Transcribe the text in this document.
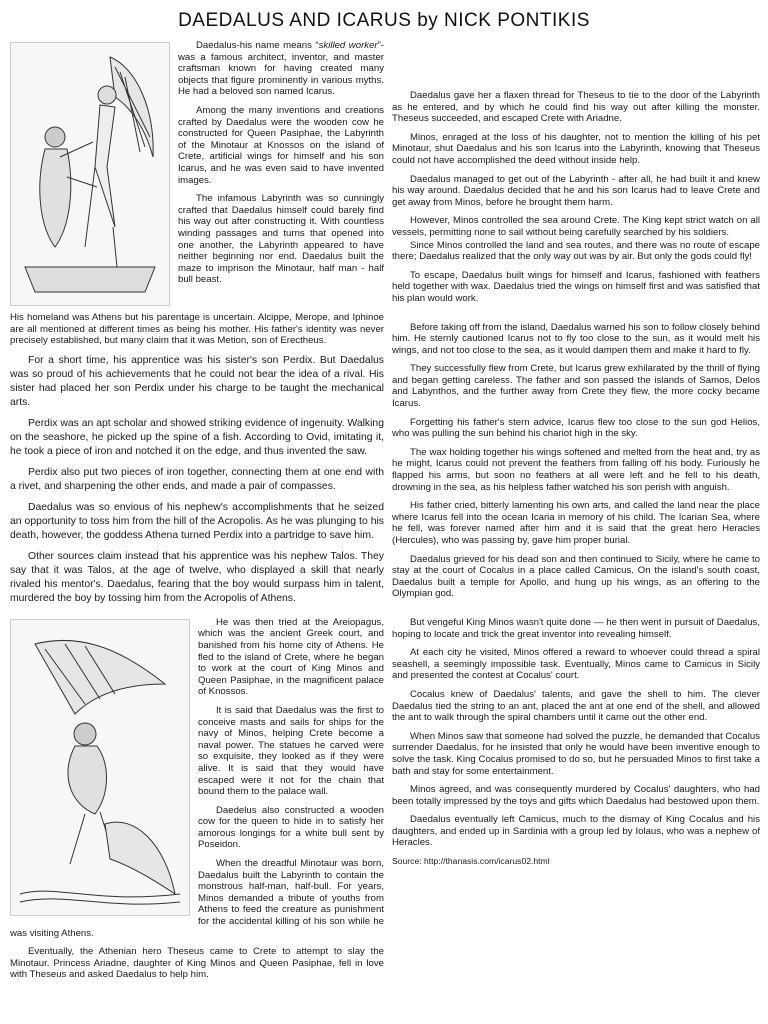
DAEDALUS AND ICARUS by NICK PONTIKIS

Daedalus-his name means “skilled worker”- was a famous architect, inventor, and master craftsman known for having created many objects that figure prominently in various myths. He had a beloved son named Icarus.

Among the many inventions and creations crafted by Daedalus were the wooden cow he constructed for Queen Pasiphae, the Labyrinth of the Minotaur at Knossos on the island of Crete, artificial wings for himself and his son Icarus, and he was even said to have invented images.

The infamous Labyrinth was so cunningly crafted that Daedalus himself could barely find his way out after constructing it. With countless winding passages and turns that opened into one another, the Labyrinth appeared to have neither beginning nor end. Daedalus built the maze to imprison the Minotaur, half man - half bull beast.

His homeland was Athens but his parentage is uncertain. Alcippe, Merope, and Iphinoe are all mentioned at different times as being his mother. His father's identity was never precisely established, but many claim that it was Metion, son of Erectheus.

For a short time, his apprentice was his sister's son Perdix. But Daedalus was so proud of his achievements that he could not bear the idea of a rival. His sister had placed her son Perdix under his charge to be taught the mechanical arts.

Perdix was an apt scholar and showed striking evidence of ingenuity. Walking on the seashore, he picked up the spine of a fish. According to Ovid, imitating it, he took a piece of iron and notched it on the edge, and thus invented the saw.

Perdix also put two pieces of iron together, connecting them at one end with a rivet, and sharpening the other ends, and made a pair of compasses.

Daedalus was so envious of his nephew's accomplishments that he seized an opportunity to toss him from the hill of the Acropolis. As he was plunging to his death, however, the goddess Athena turned Perdix into a partridge to save him.

Other sources claim instead that his apprentice was his nephew Talos. They say that it was Talos, at the age of twelve, who displayed a skill that nearly rivaled his mentor's. Daedalus, fearing that the boy would surpass him in talent, murdered the boy by tossing him from the Acropolis of Athens.

He was then tried at the Areiopagus, which was the ancient Greek court, and banished from his home city of Athens. He fled to the island of Crete, where he began to work at the court of King Minos and Queen Pasiphae, in the magnificent palace of Knossos.

It is said that Daedalus was the first to conceive masts and sails for ships for the navy of Minos, helping Crete become a naval power. The statues he carved were so exquisite, they looked as if they were alive. It is said that they would have escaped were it not for the chain that bound them to the palace wall.

Daedelus also constructed a wooden cow for the queen to hide in to satisfy her amorous longings for a white bull sent by Poseidon.

When the dreadful Minotaur was born, Daedalus built the Labyrinth to contain the monstrous half-man, half-bull. For years, Minos demanded a tribute of youths from Athens to feed the creature as punishment for the accidental killing of his son while he was visiting Athens.

Eventually, the Athenian hero Theseus came to Crete to attempt to slay the Minotaur. Princess Ariadne, daughter of King Minos and Queen Pasiphae, fell in love with Theseus and asked Daedalus to help him.

Daedalus gave her a flaxen thread for Theseus to tie to the door of the Labyrinth as he entered, and by which he could find his way out after killing the monster. Theseus succeeded, and escaped Crete with Ariadne.

Minos, enraged at the loss of his daughter, not to mention the killing of his pet Minotaur, shut Daedalus and his son Icarus into the Labyrinth, knowing that Theseus could not have accomplished the deed without inside help.

Daedalus managed to get out of the Labyrinth - after all, he had built it and knew his way around. Daedalus decided that he and his son Icarus had to leave Crete and get away from Minos, before he brought them harm.

However, Minos controlled the sea around Crete. The King kept strict watch on all vessels, permitting none to sail without being carefully searched by his soldiers.

Since Minos controlled the land and sea routes, and there was no route of escape there; Daedalus realized that the only way out was by air. But only the gods could fly!

To escape, Daedalus built wings for himself and Icarus, fashioned with feathers held together with wax. Daedalus tried the wings on himself first and was satisfied that his plan would work.

Before taking off from the island, Daedalus warned his son to follow closely behind him. He sternly cautioned Icarus not to fly too close to the sun, as it would melt his wings, and not too close to the sea, as it would dampen them and make it hard to fly.

They successfully flew from Crete, but Icarus grew exhilarated by the thrill of flying and began getting careless. The father and son passed the islands of Samos, Delos and Labynthos, and the further away from Crete they flew, the more cocky became Icarus.

Forgetting his father's stern advice, Icarus flew too close to the sun god Helios, who was pulling the sun behind his chariot high in the sky.

The wax holding together his wings softened and melted from the heat and, try as he might, Icarus could not prevent the feathers from falling off his body. Furiously he flapped his arms, but soon no feathers at all were left and he fell to his death, drowning in the sea, as his helpless father watched his son perish with anguish.

His father cried, bitterly lamenting his own arts, and called the land near the place where Icarus fell into the ocean Icaria in memory of his child. The Icarian Sea, where he fell, was forever named after him and it is said that the great hero Heracles (Hercules), who was passing by, gave him proper burial.

Daedalus grieved for his dead son and then continued to Sicily, where he came to stay at the court of Cocalus in a place called Camicus. On the island's south coast, Daedalus built a temple for Apollo, and hung up his wings, as an offering to the Olympian god.

But vengeful King Minos wasn't quite done — he then went in pursuit of Daedalus, hoping to locate and trick the great inventor into revealing himself.

At each city he visited, Minos offered a reward to whoever could thread a spiral seashell, a seemingly impossible task. Eventually, Minos came to Camicus in Sicily and presented the contest at Cocalus' court.

Cocalus knew of Daedalus' talents, and gave the shell to him. The clever Daedalus tied the string to an ant, placed the ant at one end of the shell, and allowed the ant to walk through the spiral chambers until it came out the other end.

When Minos saw that someone had solved the puzzle, he demanded that Cocalus surrender Daedalus, for he insisted that only he would have been inventive enough to solve the task. King Cocalus promised to do so, but he persuaded Minos to first take a bath and stay for some entertainment.

Minos agreed, and was consequently murdered by Cocalus' daughters, who had been totally impressed by the toys and gifts which Daedalus had bestowed upon them.

Daedalus eventually left Camicus, much to the dismay of King Cocalus and his daughters, and ended up in Sardinia with a group led by Iolaus, who was a nephew of Heracles.

Source: http://thanasis.com/icarus02.html
